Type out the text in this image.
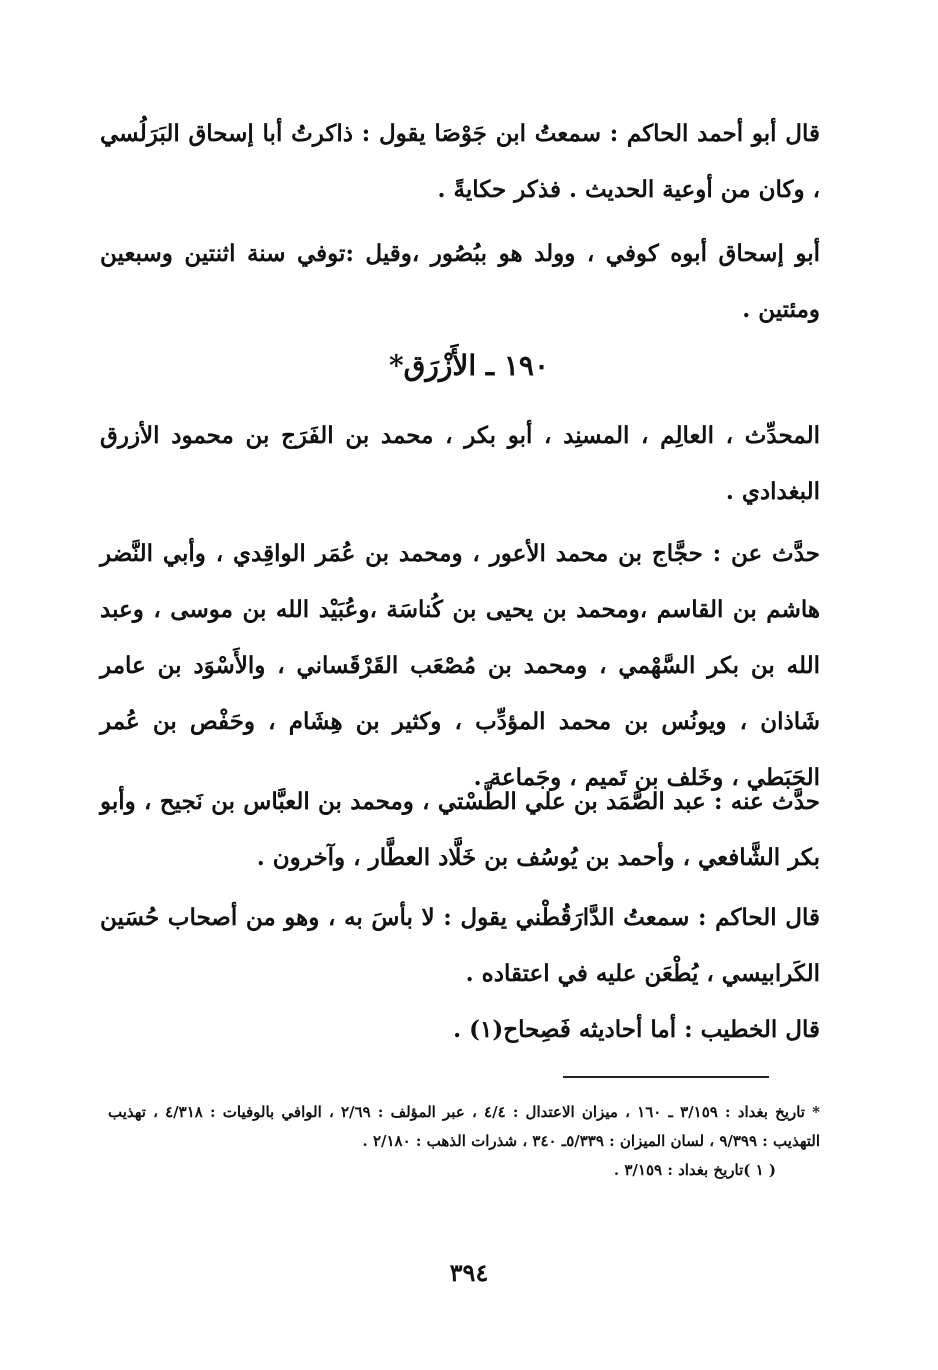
قال أبو أحمد الحاكم : سمعتُ ابن جَوْصَا يقول : ذاكرتُ أبا إسحاق البَرَلُسي ، وكان من أوعية الحديث . فذكر حكايةً .

أبو إسحاق أبوه كوفي ، وولد هو ببُصُور ،وقيل :توفي سنة اثنتين وسبعين ومئتين .

١٩٠ ـ الأَزْرَق*

المحدِّث ، العالِم ، المسنِد ، أبو بكر ، محمد بن الفَرَج بن محمود الأزرق البغدادي .

حدَّث عن : حجَّاج بن محمد الأعور ، ومحمد بن عُمَر الواقِدي ، وأبي النَّضر هاشم بن القاسم ،ومحمد بن يحيى بن كُناسَة ،وعُبَيْد الله بن موسى ، وعبد الله بن بكر السَّهْمي ، ومحمد بن مُصْعَب القَرْقَساني ، والأَسْوَد بن عامر شَاذان ، ويونُس بن محمد المؤدِّب ، وكثير بن هِشَام ، وحَفْص بن عُمر الحَبَطي ، وخَلف بن تَميم ، وجَماعة .

حدَّث عنه : عبد الصَّمَد بن علي الطَّسْتي ، ومحمد بن العبَّاس بن نَجيح ، وأبو بكر الشَّافعي ، وأحمد بن يُوسُف بن خَلَّاد العطَّار ، وآخرون .

قال الحاكم : سمعتُ الدَّارَقُطْني يقول : لا بأسَ به ، وهو من أصحاب حُسَين الكَرابيسي ، يُطْعَن عليه في اعتقاده .

قال الخطيب : أما أحاديثه فَصِحاح(١) .

* تاريخ بغداد : ٣/١٥٩ ـ ١٦٠ ، ميزان الاعتدال : ٤/٤ ، عبر المؤلف : ٢/٦٩ ، الوافي بالوفيات : ٤/٣١٨ ، تهذيب التهذيب : ٩/٣٩٩ ، لسان الميزان : ٥/٣٣٩ـ ٣٤٠ ، شذرات الذهب : ٢/١٨٠ .
( ١ )تاريخ بغداد : ٣/١٥٩ .
٣٩٤
